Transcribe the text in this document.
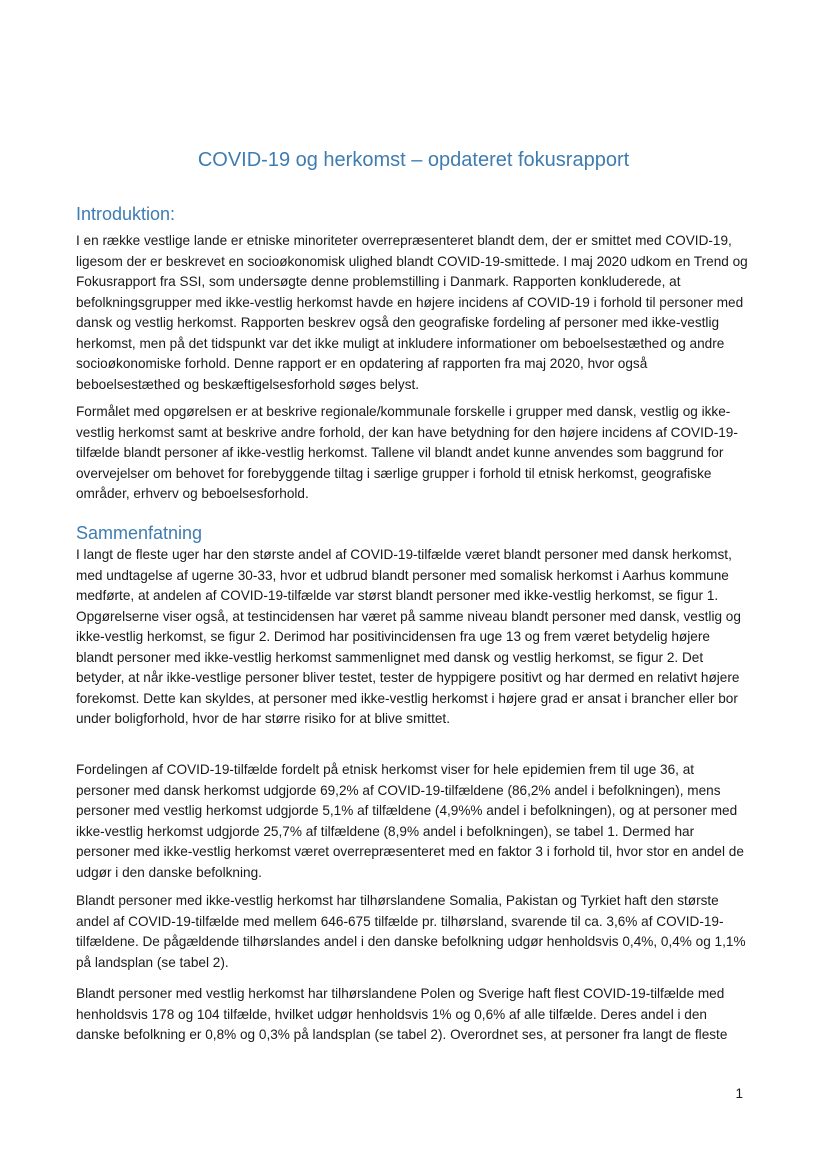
COVID-19 og herkomst – opdateret fokusrapport
Introduktion:

I en række vestlige lande er etniske minoriteter overrepræsenteret blandt dem, der er smittet med COVID-19, ligesom der er beskrevet en socioøkonomisk ulighed blandt COVID-19-smittede. I maj 2020 udkom en Trend og Fokusrapport fra SSI, som undersøgte denne problemstilling i Danmark. Rapporten konkluderede, at befolkningsgrupper med ikke-vestlig herkomst havde en højere incidens af COVID-19 i forhold til personer med dansk og vestlig herkomst. Rapporten beskrev også den geografiske fordeling af personer med ikke-vestlig herkomst, men på det tidspunkt var det ikke muligt at inkludere informationer om beboelsestæthed og andre socioøkonomiske forhold. Denne rapport er en opdatering af rapporten fra maj 2020, hvor også beboelsestæthed og beskæftigelsesforhold søges belyst.

Formålet med opgørelsen er at beskrive regionale/kommunale forskelle i grupper med dansk, vestlig og ikke-vestlig herkomst samt at beskrive andre forhold, der kan have betydning for den højere incidens af COVID-19-tilfælde blandt personer af ikke-vestlig herkomst. Tallene vil blandt andet kunne anvendes som baggrund for overvejelser om behovet for forebyggende tiltag i særlige grupper i forhold til etnisk herkomst, geografiske områder, erhverv og beboelsesforhold.

Sammenfatning

I langt de fleste uger har den største andel af COVID-19-tilfælde været blandt personer med dansk herkomst, med undtagelse af ugerne 30-33, hvor et udbrud blandt personer med somalisk herkomst i Aarhus kommune medførte, at andelen af COVID-19-tilfælde var størst blandt personer med ikke-vestlig herkomst, se figur 1. Opgørelserne viser også, at testincidensen har været på samme niveau blandt personer med dansk, vestlig og ikke-vestlig herkomst, se figur 2. Derimod har positivincidensen fra uge 13 og frem været betydelig højere blandt personer med ikke-vestlig herkomst sammenlignet med dansk og vestlig herkomst, se figur 2. Det betyder, at når ikke-vestlige personer bliver testet, tester de hyppigere positivt og har dermed en relativt højere forekomst. Dette kan skyldes, at personer med ikke-vestlig herkomst i højere grad er ansat i brancher eller bor under boligforhold, hvor de har større risiko for at blive smittet.

Fordelingen af COVID-19-tilfælde fordelt på etnisk herkomst viser for hele epidemien frem til uge 36, at personer med dansk herkomst udgjorde 69,2% af COVID-19-tilfældene (86,2% andel i befolkningen), mens personer med vestlig herkomst udgjorde 5,1% af tilfældene (4,9%% andel i befolkningen), og at personer med ikke-vestlig herkomst udgjorde 25,7% af tilfældene (8,9% andel i befolkningen), se tabel 1. Dermed har personer med ikke-vestlig herkomst været overrepræsenteret med en faktor 3 i forhold til, hvor stor en andel de udgør i den danske befolkning.

Blandt personer med ikke-vestlig herkomst har tilhørslandene Somalia, Pakistan og Tyrkiet haft den største andel af COVID-19-tilfælde med mellem 646-675 tilfælde pr. tilhørsland, svarende til ca. 3,6% af COVID-19-tilfældene. De pågældende tilhørslandes andel i den danske befolkning udgør henholdsvis 0,4%, 0,4% og 1,1% på landsplan (se tabel 2).

Blandt personer med vestlig herkomst har tilhørslandene Polen og Sverige haft flest COVID-19-tilfælde med henholdsvis 178 og 104 tilfælde, hvilket udgør henholdsvis 1% og 0,6% af alle tilfælde. Deres andel i den danske befolkning er 0,8% og 0,3% på landsplan (se tabel 2). Overordnet ses, at personer fra langt de fleste

1
